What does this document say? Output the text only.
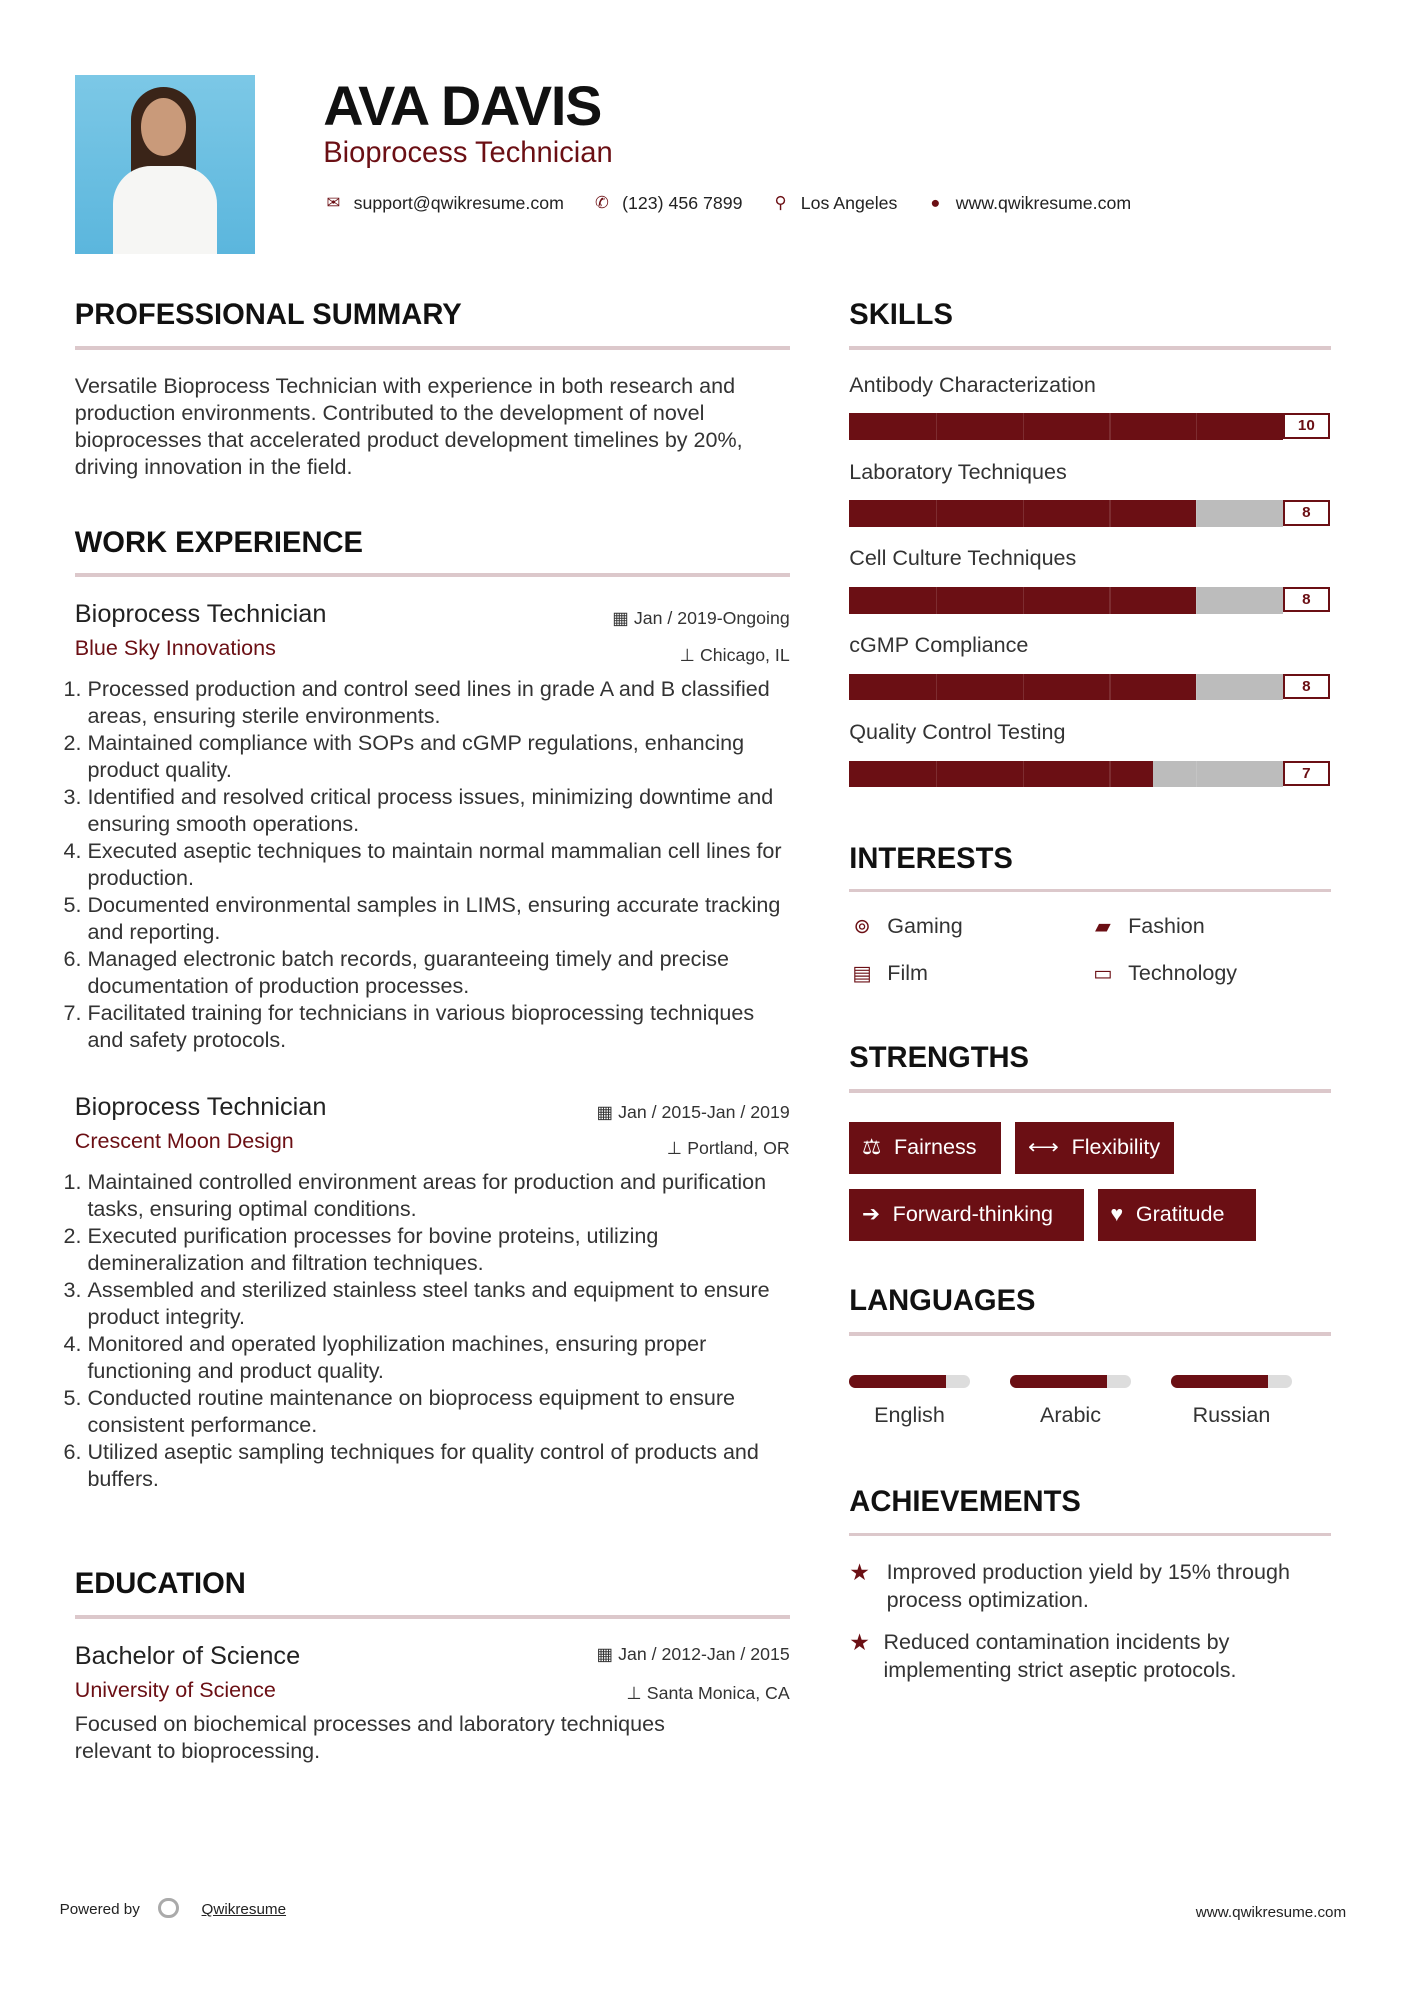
AVA DAVIS
Bioprocess Technician
✉ support@qwikresume.com ✆ (123) 456 7899	⚲ Los Angeles	●	www.qwikresume.com
PROFESSIONAL SUMMARY
Versatile Bioprocess Technician with experience in both research and production environments. Contributed to the development of novel bioprocesses that accelerated product development timelines by 20%, driving innovation in the field.
WORK EXPERIENCE
Bioprocess Technician	▦ Jan / 2019-Ongoing
Blue Sky Innovations	⊥ Chicago, IL
1. Processed production and control seed lines in grade A and B classified areas, ensuring sterile environments.
2. Maintained compliance with SOPs and cGMP regulations, enhancing product quality.
3. Identified and resolved critical process issues, minimizing downtime and ensuring smooth operations.
4. Executed aseptic techniques to maintain normal mammalian cell lines for production.
5. Documented environmental samples in LIMS, ensuring accurate tracking and reporting.
6. Managed electronic batch records, guaranteeing timely and precise documentation of production processes.
7. Facilitated training for technicians in various bioprocessing techniques and safety protocols.
Bioprocess Technician	▦ Jan / 2015-Jan / 2019
Crescent Moon Design	⊥ Portland, OR
1. Maintained controlled environment areas for production and purification tasks, ensuring optimal conditions.
2. Executed purification processes for bovine proteins, utilizing demineralization and filtration techniques.
3. Assembled and sterilized stainless steel tanks and equipment to ensure product integrity.
4. Monitored and operated lyophilization machines, ensuring proper functioning and product quality.
5. Conducted routine maintenance on bioprocess equipment to ensure consistent performance.
6. Utilized aseptic sampling techniques for quality control of products and buffers.
EDUCATION
Bachelor of Science	▦ Jan / 2012-Jan / 2015
University of Science	⊥ Santa Monica, CA
Focused on biochemical processes and laboratory techniques relevant to bioprocessing.
SKILLS
INTERESTS
⊚ Gaming	▰ Fashion
▤ Film	▭ Technology
STRENGTHS
⚖ Fairness	⟷ Flexibility
➔ Forward-thinking	♥ Gratitude
LANGUAGES
ACHIEVEMENTS
★ Improved production yield by 15% through process optimization.
★ Reduced contamination incidents by implementing strict aseptic protocols.
Powered by	Qwikresume	www.qwikresume.com
Antibody Characterization
10
Laboratory Techniques
8
Cell Culture Techniques
8
cGMP Compliance
8
Quality Control Testing
7
English	Arabic	Russian
